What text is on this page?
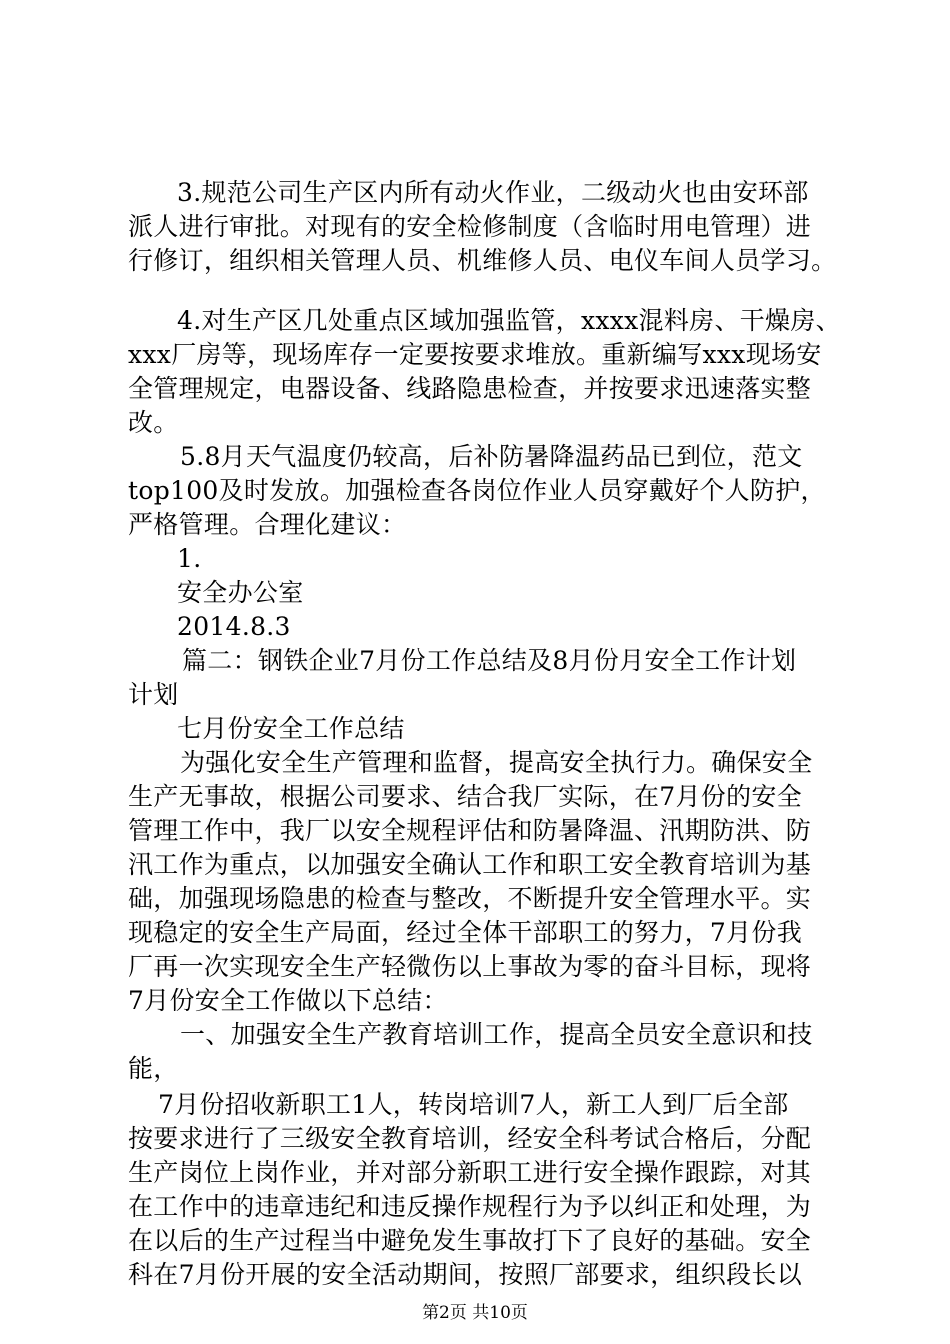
3.规范公司生产区内所有动火作业，二级动火也由安环部
派人进行审批。对现有的安全检修制度（含临时用电管理）进
行修订，组织相关管理人员、机维修人员、电仪车间人员学习。
4.对生产区几处重点区域加强监管，xxxx混料房、干燥房、
xxx厂房等，现场库存一定要按要求堆放。重新编写xxx现场安
全管理规定，电器设备、线路隐患检查，并按要求迅速落实整
改。
5.8月天气温度仍较高，后补防暑降温药品已到位，范文
top100及时发放。加强检查各岗位作业人员穿戴好个人防护，
严格管理。合理化建议：
1.
安全办公室
2014.8.3
篇二：钢铁企业7月份工作总结及8月份月安全工作计划
计划
七月份安全工作总结
为强化安全生产管理和监督，提高安全执行力。确保安全
生产无事故，根据公司要求、结合我厂实际，在7月份的安全
管理工作中，我厂以安全规程评估和防暑降温、汛期防洪、防
汛工作为重点，以加强安全确认工作和职工安全教育培训为基
础，加强现场隐患的检查与整改，不断提升安全管理水平。实
现稳定的安全生产局面，经过全体干部职工的努力，7月份我
厂再一次实现安全生产轻微伤以上事故为零的奋斗目标，现将
7月份安全工作做以下总结：
一、加强安全生产教育培训工作，提高全员安全意识和技
能，
7月份招收新职工1人，转岗培训7人，新工人到厂后全部
按要求进行了三级安全教育培训，经安全科考试合格后，分配
生产岗位上岗作业，并对部分新职工进行安全操作跟踪，对其
在工作中的违章违纪和违反操作规程行为予以纠正和处理，为
在以后的生产过程当中避免发生事故打下了良好的基础。安全
科在7月份开展的安全活动期间，按照厂部要求，组织段长以
第2页 共10页
